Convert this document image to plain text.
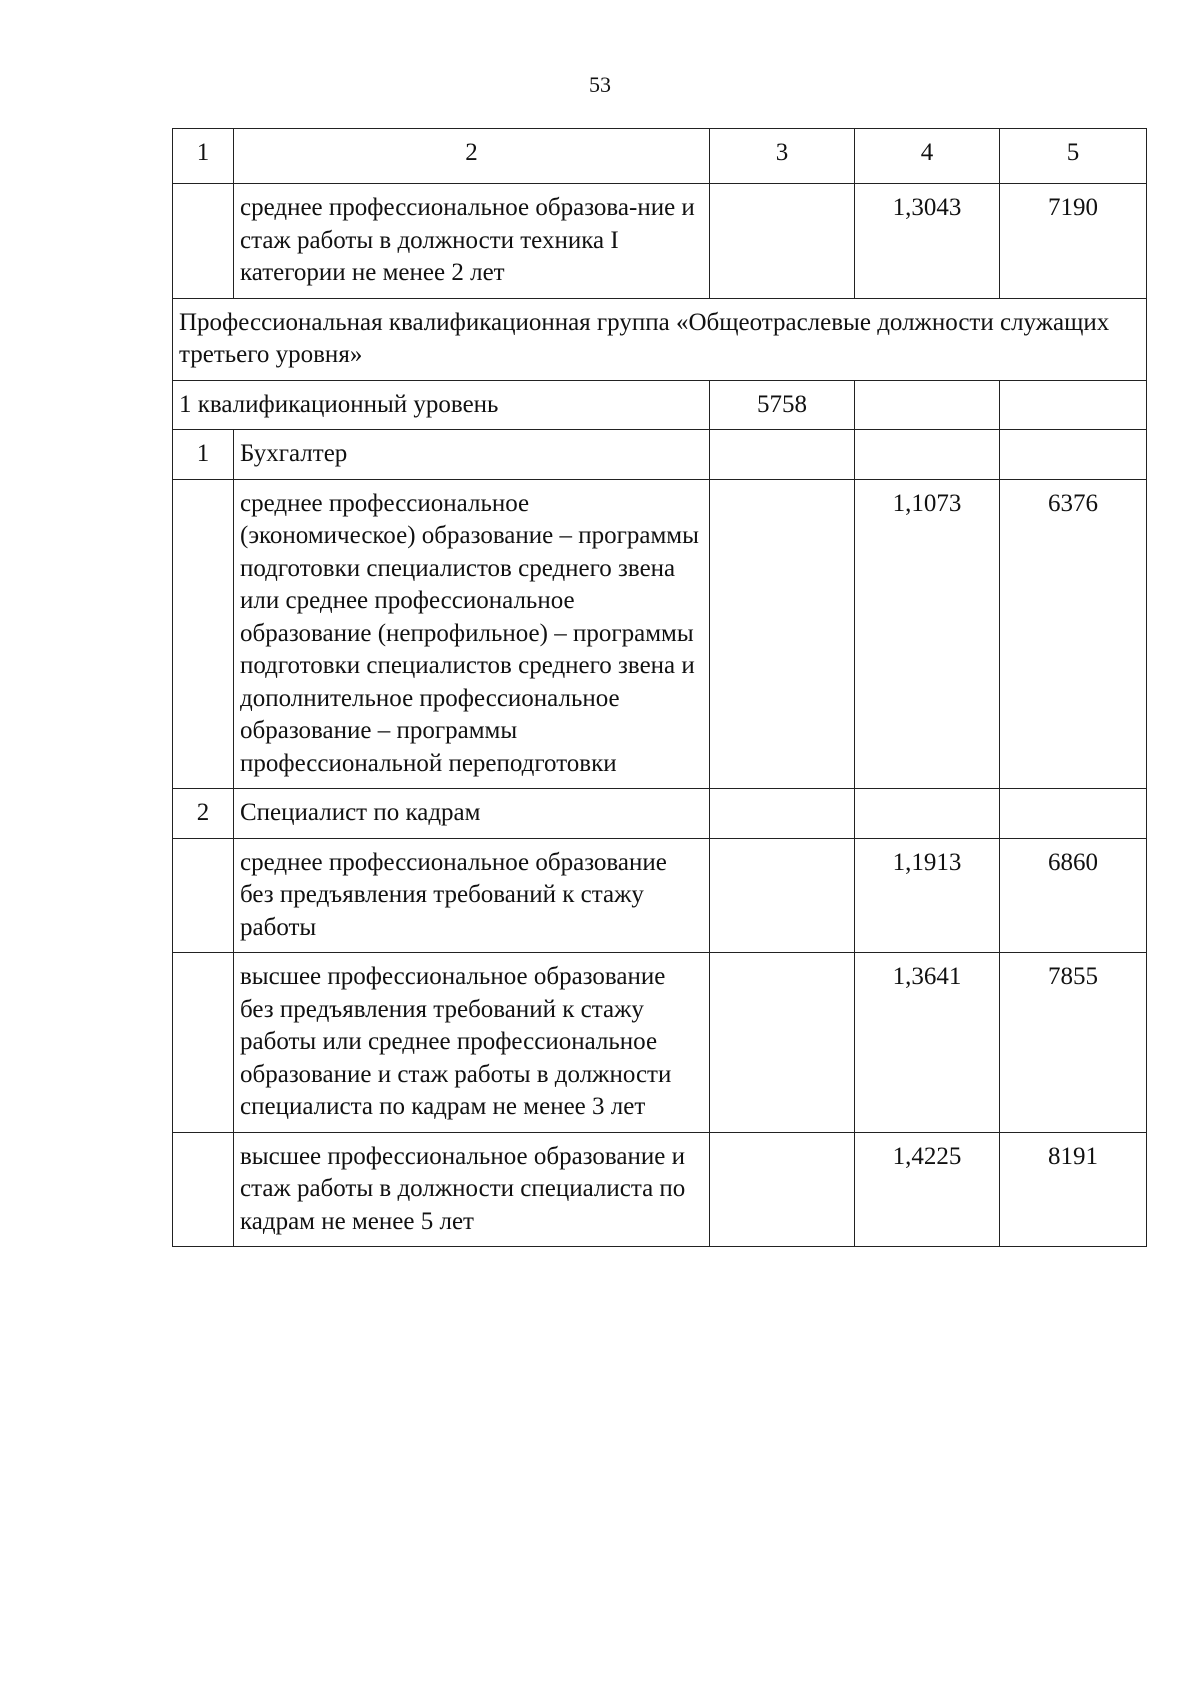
53
1	2	3	4	5
	среднее профессиональное образова-ние и стаж работы в должности техника I категории не менее 2 лет		1,3043	7190
Профессиональная квалификационная группа «Общеотраслевые должности служащих третьего уровня»				
1 квалификационный уровень		5758		
1	Бухгалтер			
	среднее профессиональное (экономическое) образование – программы подготовки специалистов среднего звена или среднее профессиональное образование (непрофильное) – программы подготовки специалистов среднего звена и дополнительное профессиональное образование – программы профессиональной переподготовки		1,1073	6376
2	Специалист по кадрам			
	среднее профессиональное образование без предъявления требований к стажу работы		1,1913	6860
	высшее профессиональное образование без предъявления требований к стажу работы или среднее профессиональное образование и стаж работы в должности специалиста по кадрам не менее 3 лет		1,3641	7855
	высшее профессиональное образование и стаж работы в должности специалиста по кадрам не менее 5 лет		1,4225	8191
